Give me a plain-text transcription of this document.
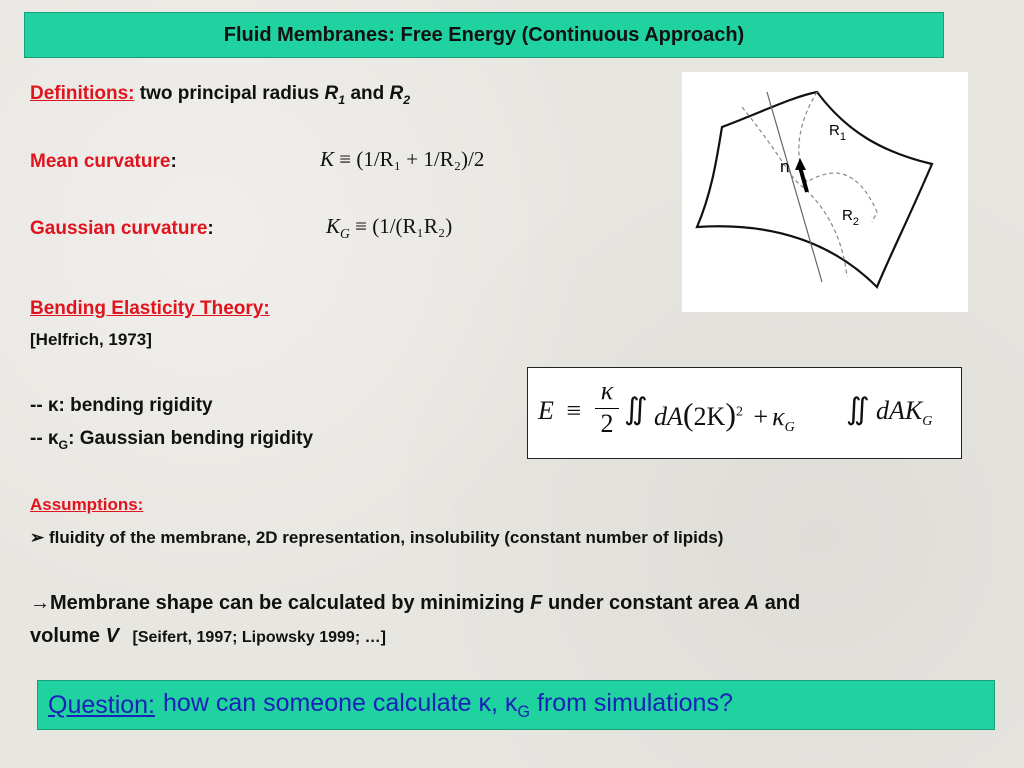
Fluid Membranes: Free Energy (Continuous Approach)
Definitions: two principal radius $R_1$ and $R_2$
Mean curvature:	K ≡ (1/R₁ + 1/R₂)/2
Gaussian curvature:	$K_G \equiv (1/(R_1R_2)$
n
$R_1$
$R_2$
Bending Elasticity Theory:
[Helfrich, 1973]
-- κ: bending rigidity
-- $\kappa_G$: Gaussian bending rigidity
E ≡
κ
2 ∬ $dA(2K)^2 + \kappa_G$
∬ dAK$_G$
Assumptions:
➢ fluidity of the membrane, 2D representation, insolubility (constant number of lipids)
→Membrane shape can be calculated by minimizing F under constant area A and
volume V [Seifert, 1997; Lipowsky 1999; …]
Question: how can someone calculate κ, $\kappa_G$ from simulations?
